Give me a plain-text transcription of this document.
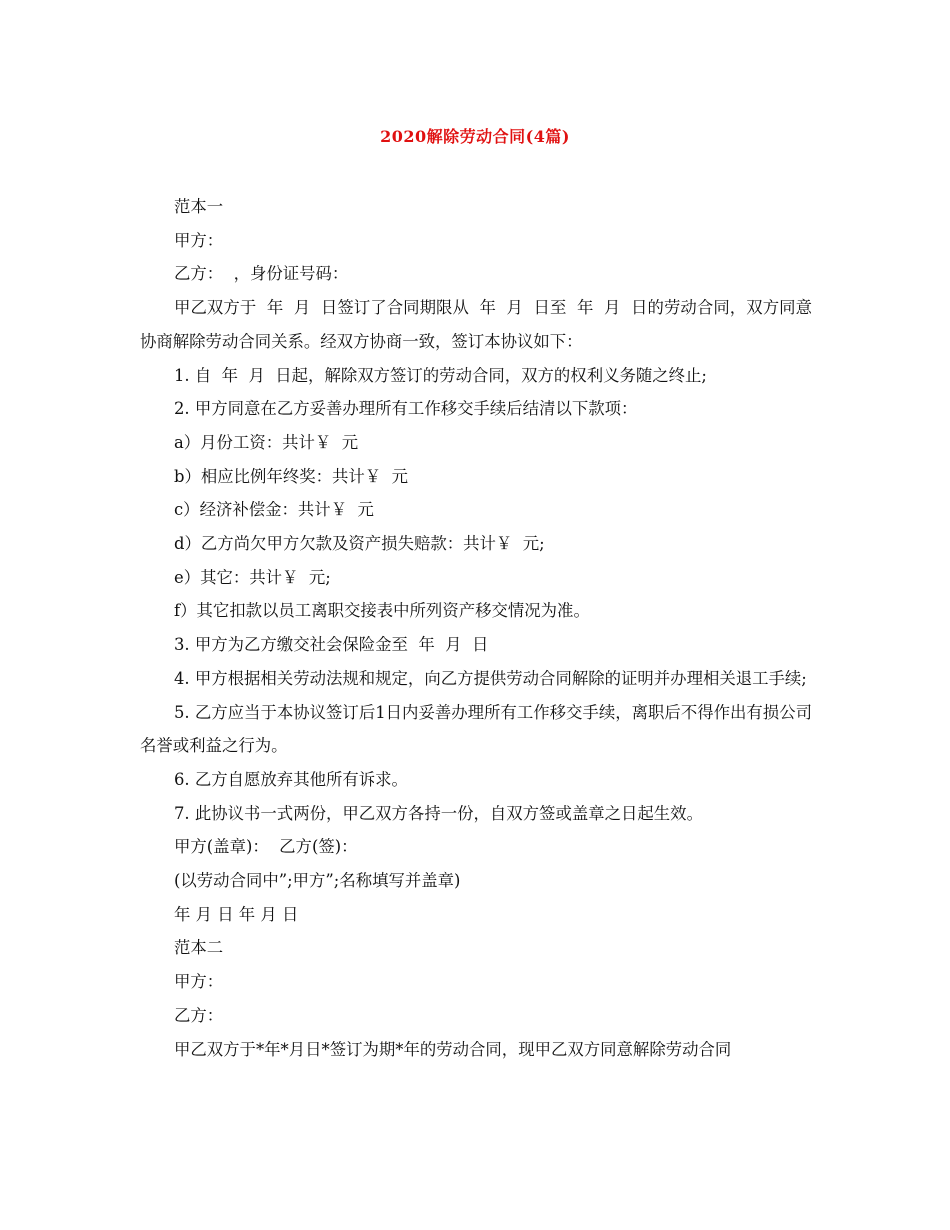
2020解除劳动合同(4篇)

范本一

甲方：

乙方：  ，身份证号码：

甲乙双方于  年  月  日签订了合同期限从  年  月  日至  年  月  日的劳动合同，双方同意协商解除劳动合同关系。经双方协商一致，签订本协议如下：

1. 自  年  月  日起，解除双方签订的劳动合同，双方的权利义务随之终止;

2. 甲方同意在乙方妥善办理所有工作移交手续后结清以下款项：

a）月份工资：共计￥  元

b）相应比例年终奖：共计￥  元

c）经济补偿金：共计￥  元

d）乙方尚欠甲方欠款及资产损失赔款：共计￥  元;

e）其它：共计￥  元;

f）其它扣款以员工离职交接表中所列资产移交情况为准。

3. 甲方为乙方缴交社会保险金至  年  月  日

4. 甲方根据相关劳动法规和规定，向乙方提供劳动合同解除的证明并办理相关退工手续;

5. 乙方应当于本协议签订后1日内妥善办理所有工作移交手续，离职后不得作出有损公司名誉或利益之行为。

6. 乙方自愿放弃其他所有诉求。

7. 此协议书一式两份，甲乙双方各持一份，自双方签或盖章之日起生效。

甲方(盖章)：  乙方(签)：

(以劳动合同中”;甲方”;名称填写并盖章)

年 月 日 年 月 日

范本二

甲方：

乙方：

甲乙双方于*年*月日*签订为期*年的劳动合同，现甲乙双方同意解除劳动合同
